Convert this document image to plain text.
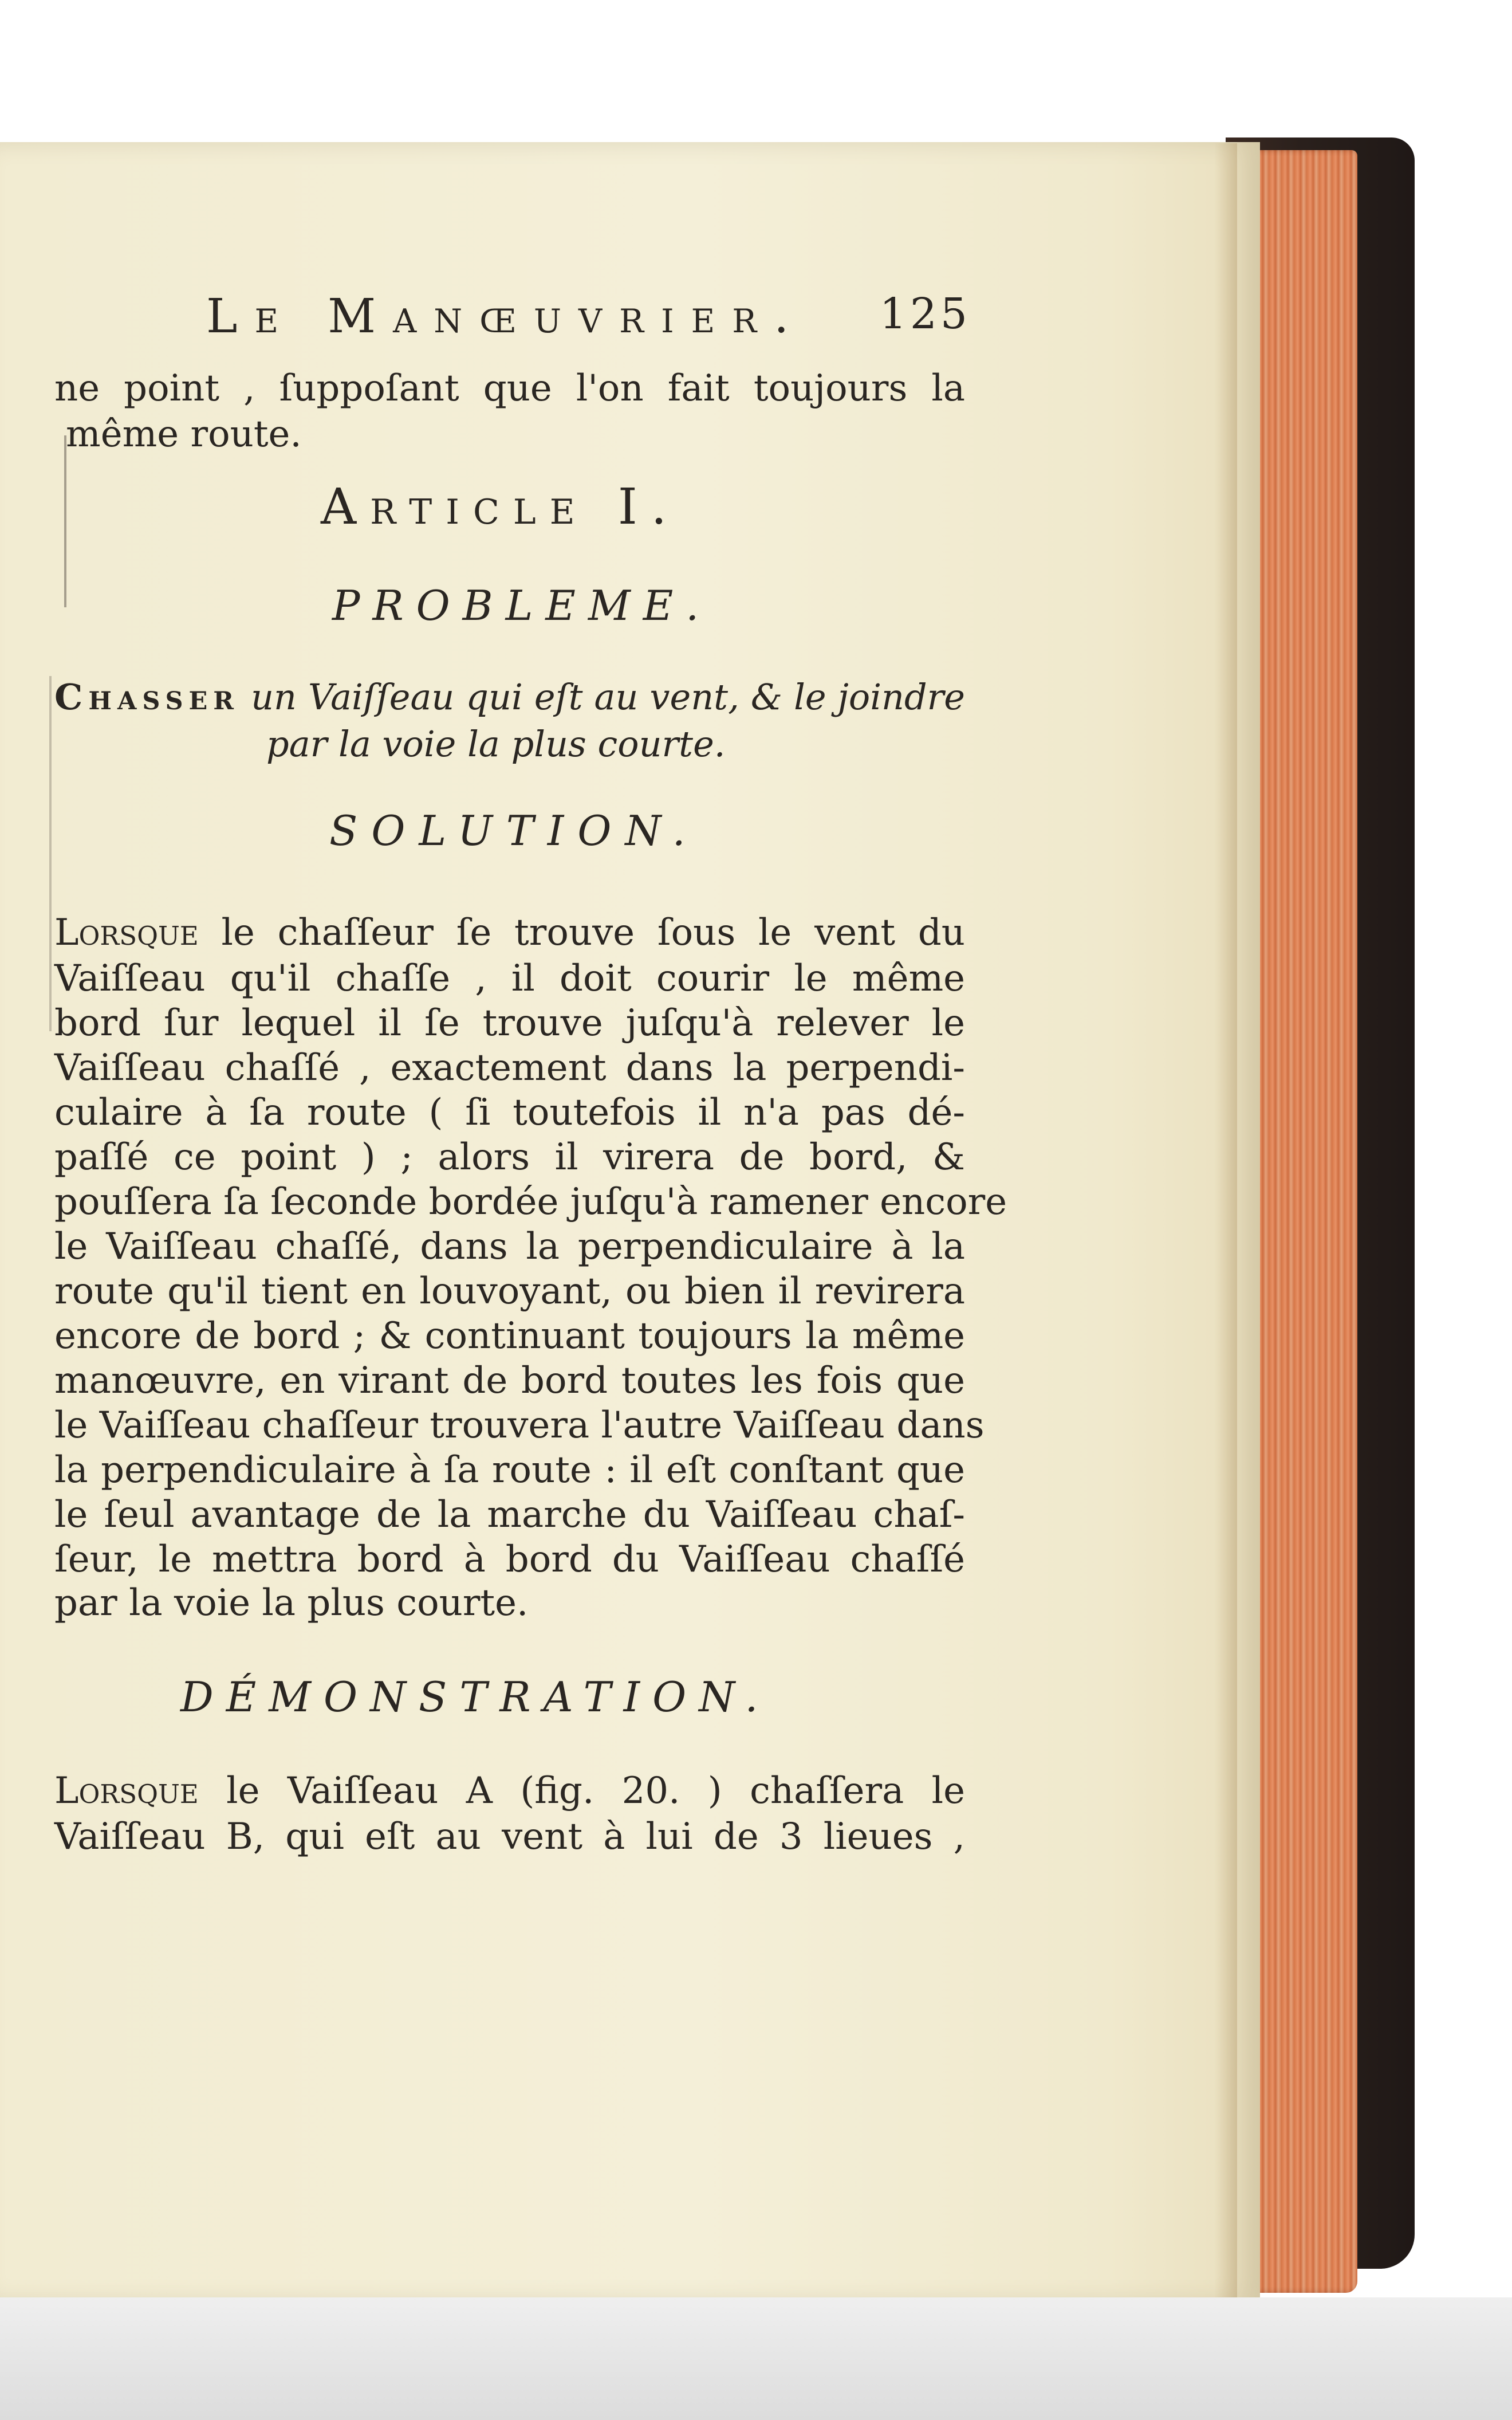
Le Manœuvrier. 125
ne point , ſuppoſant que l'on fait toujours la
même route.
Article I.
PROBLEME.
Chasser un Vaiſſeau qui eſt au vent, & le joindre
par la voie la plus courte.
SOLUTION.
Lorsque le chaſſeur ſe trouve ſous le vent du
Vaiſſeau qu'il chaſſe , il doit courir le même
bord ſur lequel il ſe trouve juſqu'à relever le
Vaiſſeau chaſſé , exactement dans la perpendi-
culaire à ſa route ( ſi toutefois il n'a pas dé-
paſſé ce point ) ; alors il virera de bord, &
pouſſera ſa ſeconde bordée juſqu'à ramener encore
le Vaiſſeau chaſſé, dans la perpendiculaire à la
route qu'il tient en louvoyant, ou bien il revirera
encore de bord ; & continuant toujours la même
manœuvre, en virant de bord toutes les fois que
le Vaiſſeau chaſſeur trouvera l'autre Vaiſſeau dans
la perpendiculaire à ſa route : il eſt conſtant que
le ſeul avantage de la marche du Vaiſſeau chaſ-
ſeur, le mettra bord à bord du Vaiſſeau chaſſé
par la voie la plus courte.
DÉMONSTRATION.
Lorsque le Vaiſſeau A (fig. 20. ) chaſſera le
Vaiſſeau B, qui eſt au vent à lui de 3 lieues ,
